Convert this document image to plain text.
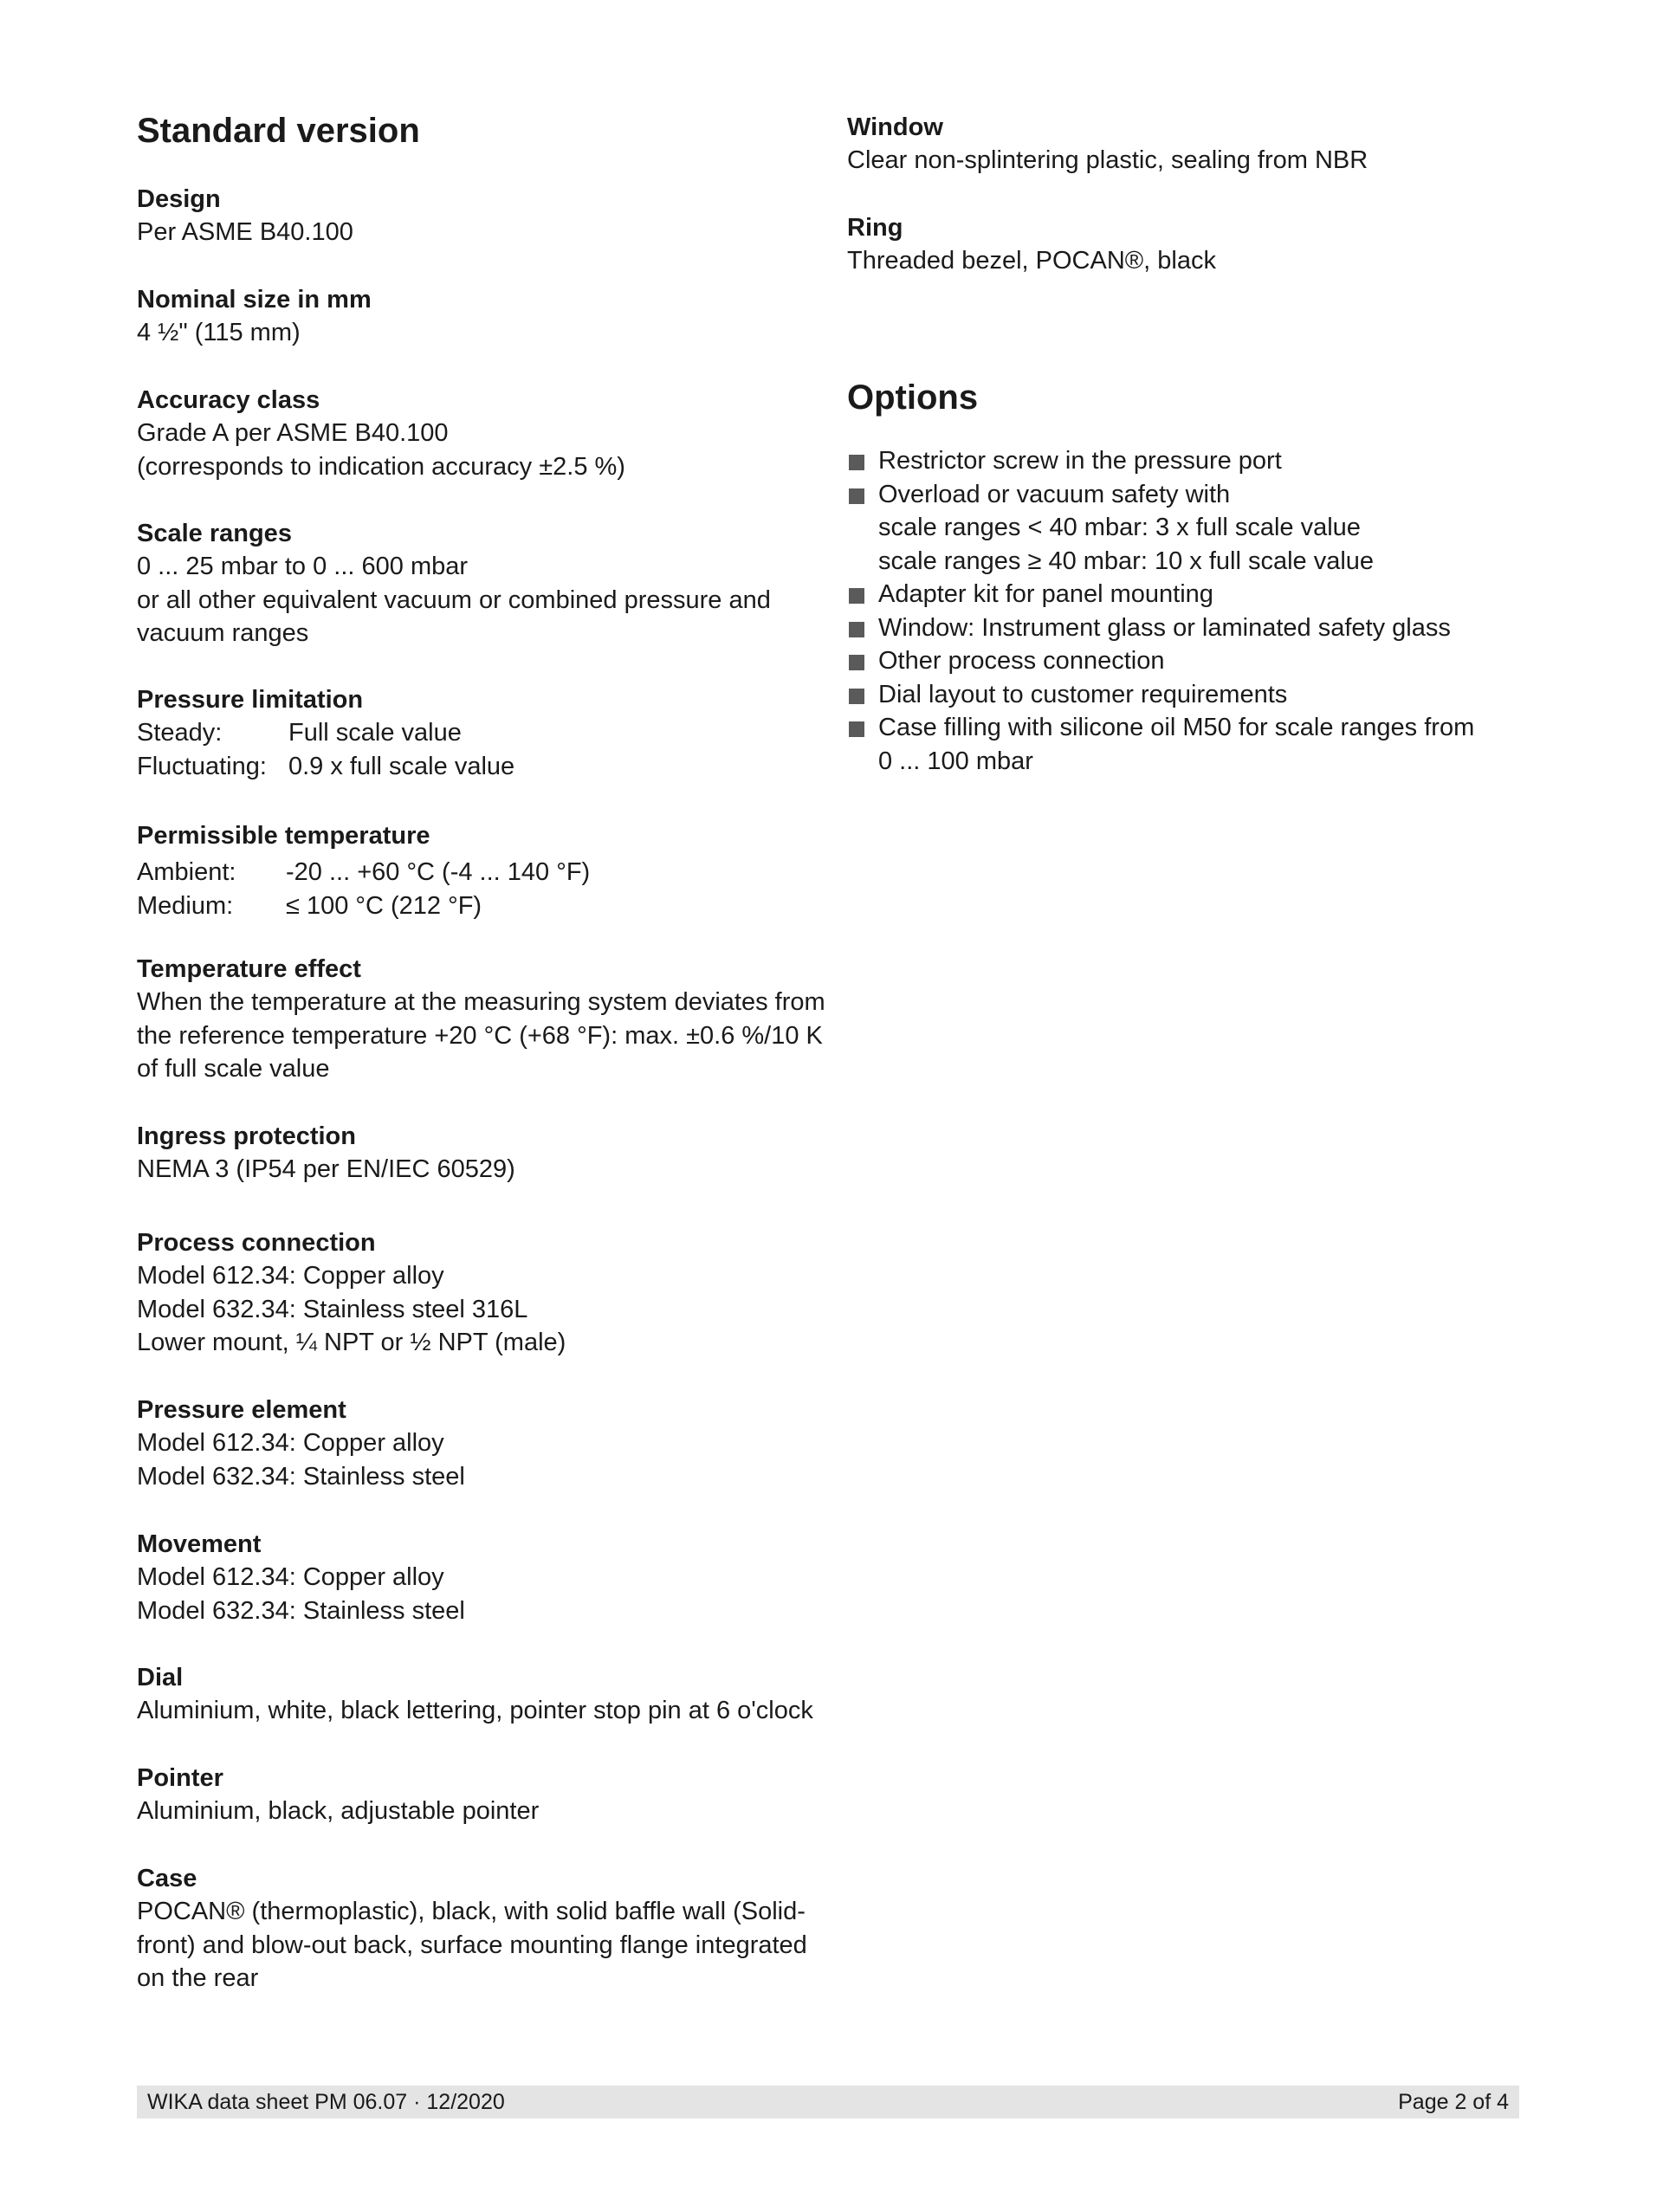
Standard version
Design
Per ASME B40.100
Nominal size in mm
4 ½" (115 mm)
Accuracy class
Grade A per ASME B40.100
(corresponds to indication accuracy ±2.5 %)
Scale ranges
0 ... 25 mbar to 0 ... 600 mbar
or all other equivalent vacuum or combined pressure and
vacuum ranges
Pressure limitation
Steady:	Full scale value
Fluctuating: 0.9 x full scale value
Permissible temperature
Ambient:	-20 ... +60 °C (-4 ... 140 °F)
Medium:	≤ 100 °C (212 °F)
Temperature effect
When the temperature at the measuring system deviates from
the reference temperature +20 °C (+68 °F): max. ±0.6 %/10 K
of full scale value
Ingress protection
NEMA 3 (IP54 per EN/IEC 60529)
Process connection
Model 612.34: Copper alloy
Model 632.34: Stainless steel 316L
Lower mount, ¼ NPT or ½ NPT (male)
Pressure element
Model 612.34: Copper alloy
Model 632.34: Stainless steel
Movement
Model 612.34: Copper alloy
Model 632.34: Stainless steel
Dial
Aluminium, white, black lettering, pointer stop pin at 6 o'clock
Pointer
Aluminium, black, adjustable pointer
Case
POCAN® (thermoplastic), black, with solid baffle wall (Solid-
front) and blow-out back, surface mounting flange integrated
on the rear
Window
Clear non-splintering plastic, sealing from NBR
Ring
Threaded bezel, POCAN®, black
Options
Restrictor screw in the pressure port
Overload or vacuum safety with
scale ranges < 40 mbar: 3 x full scale value
scale ranges ≥ 40 mbar: 10 x full scale value
Adapter kit for panel mounting
Window: Instrument glass or laminated safety glass
Other process connection
Dial layout to customer requirements
Case filling with silicone oil M50 for scale ranges from
0 ... 100 mbar
WIKA data sheet PM 06.07 · 12/2020	Page 2 of 4
